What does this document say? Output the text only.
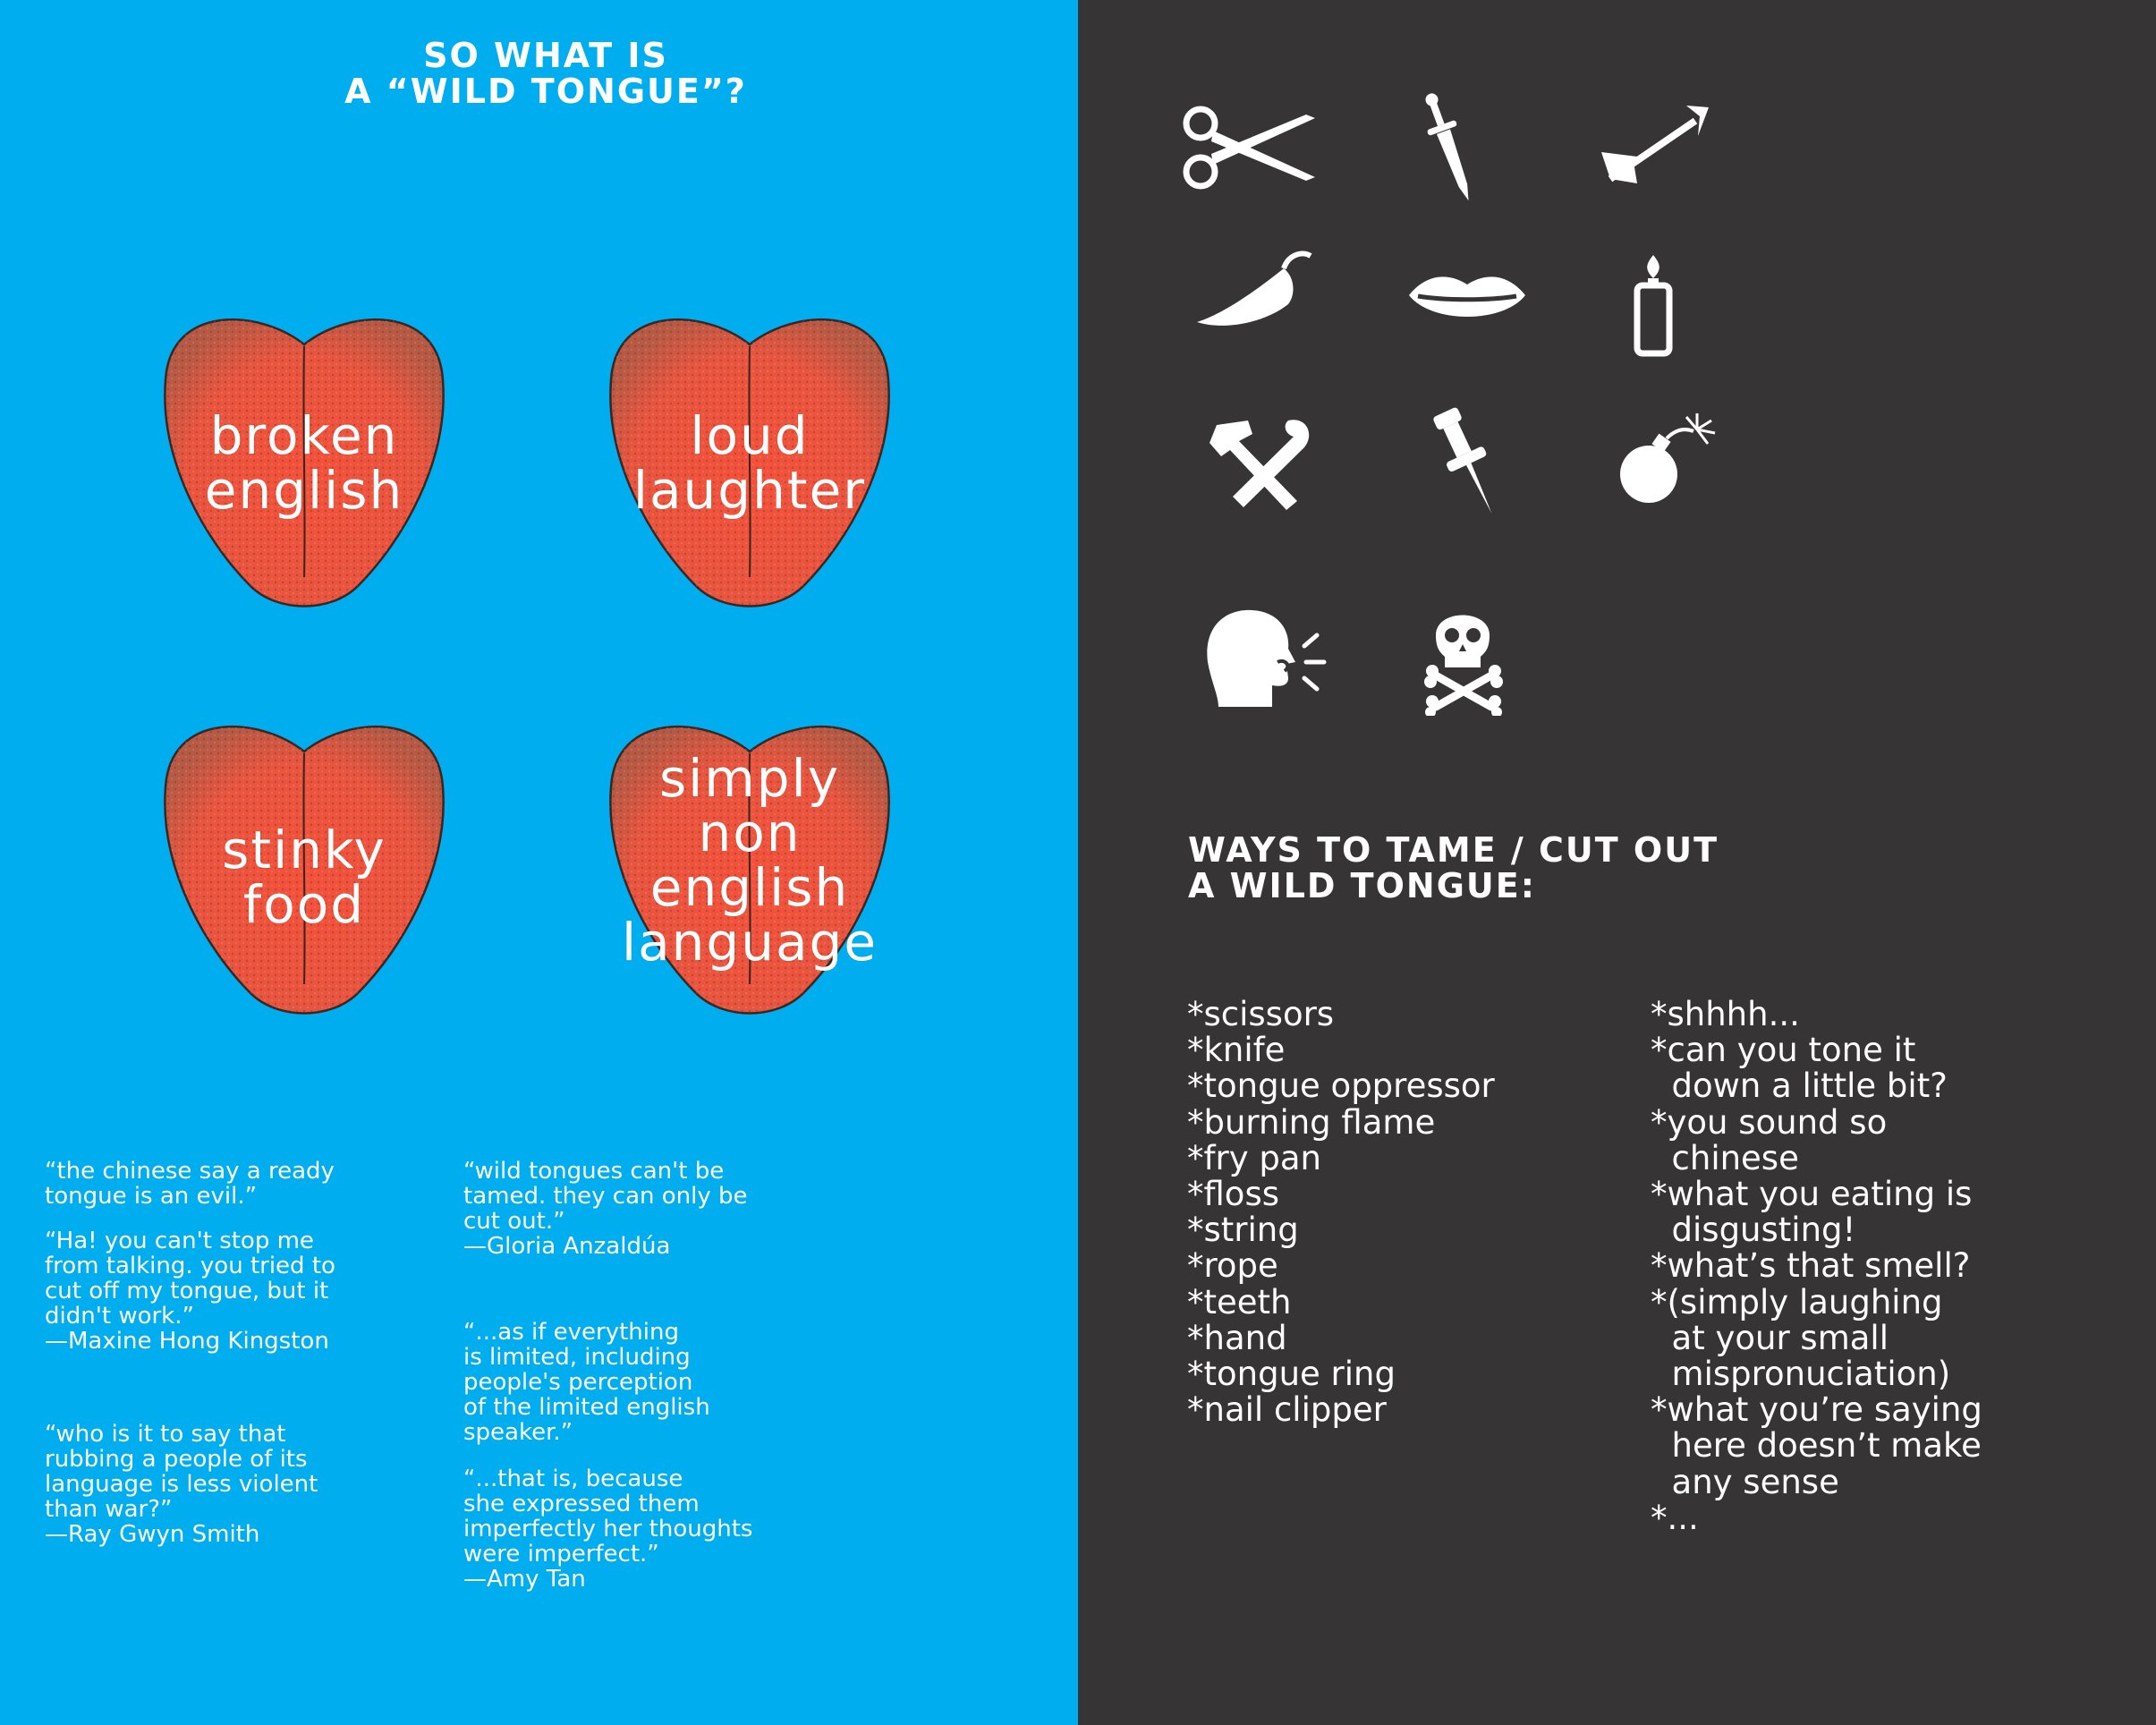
SO WHAT IS
A “WILD TONGUE”?
broken
english
loud
laughter
stinky
food
simply
non
english
language
“the chinese say a ready
tongue is an evil.”
“Ha! you can't stop me
from talking. you tried to
cut off my tongue, but it
didn't work.”
—Maxine Hong Kingston
“who is it to say that
rubbing a people of its
language is less violent
than war?”
—Ray Gwyn Smith
“wild tongues can't be
tamed. they can only be
cut out.”
—Gloria Anzaldúa
“...as if everything
is limited, including
people's perception
of the limited english
speaker.”
“...that is, because
she expressed them
imperfectly her thoughts
were imperfect.”
—Amy Tan
WAYS TO TAME / CUT OUT
A WILD TONGUE:
*scissors
*knife
*tongue oppressor
*burning flame
*fry pan
*floss
*string
*rope
*teeth
*hand
*tongue ring
*nail clipper
*shhhh...
*can you tone it
down a little bit?
*you sound so
chinese
*what you eating is
disgusting!
*what’s that smell?
*(simply laughing
at your small
mispronuciation)
*what you’re saying
here doesn’t make
any sense
*...
